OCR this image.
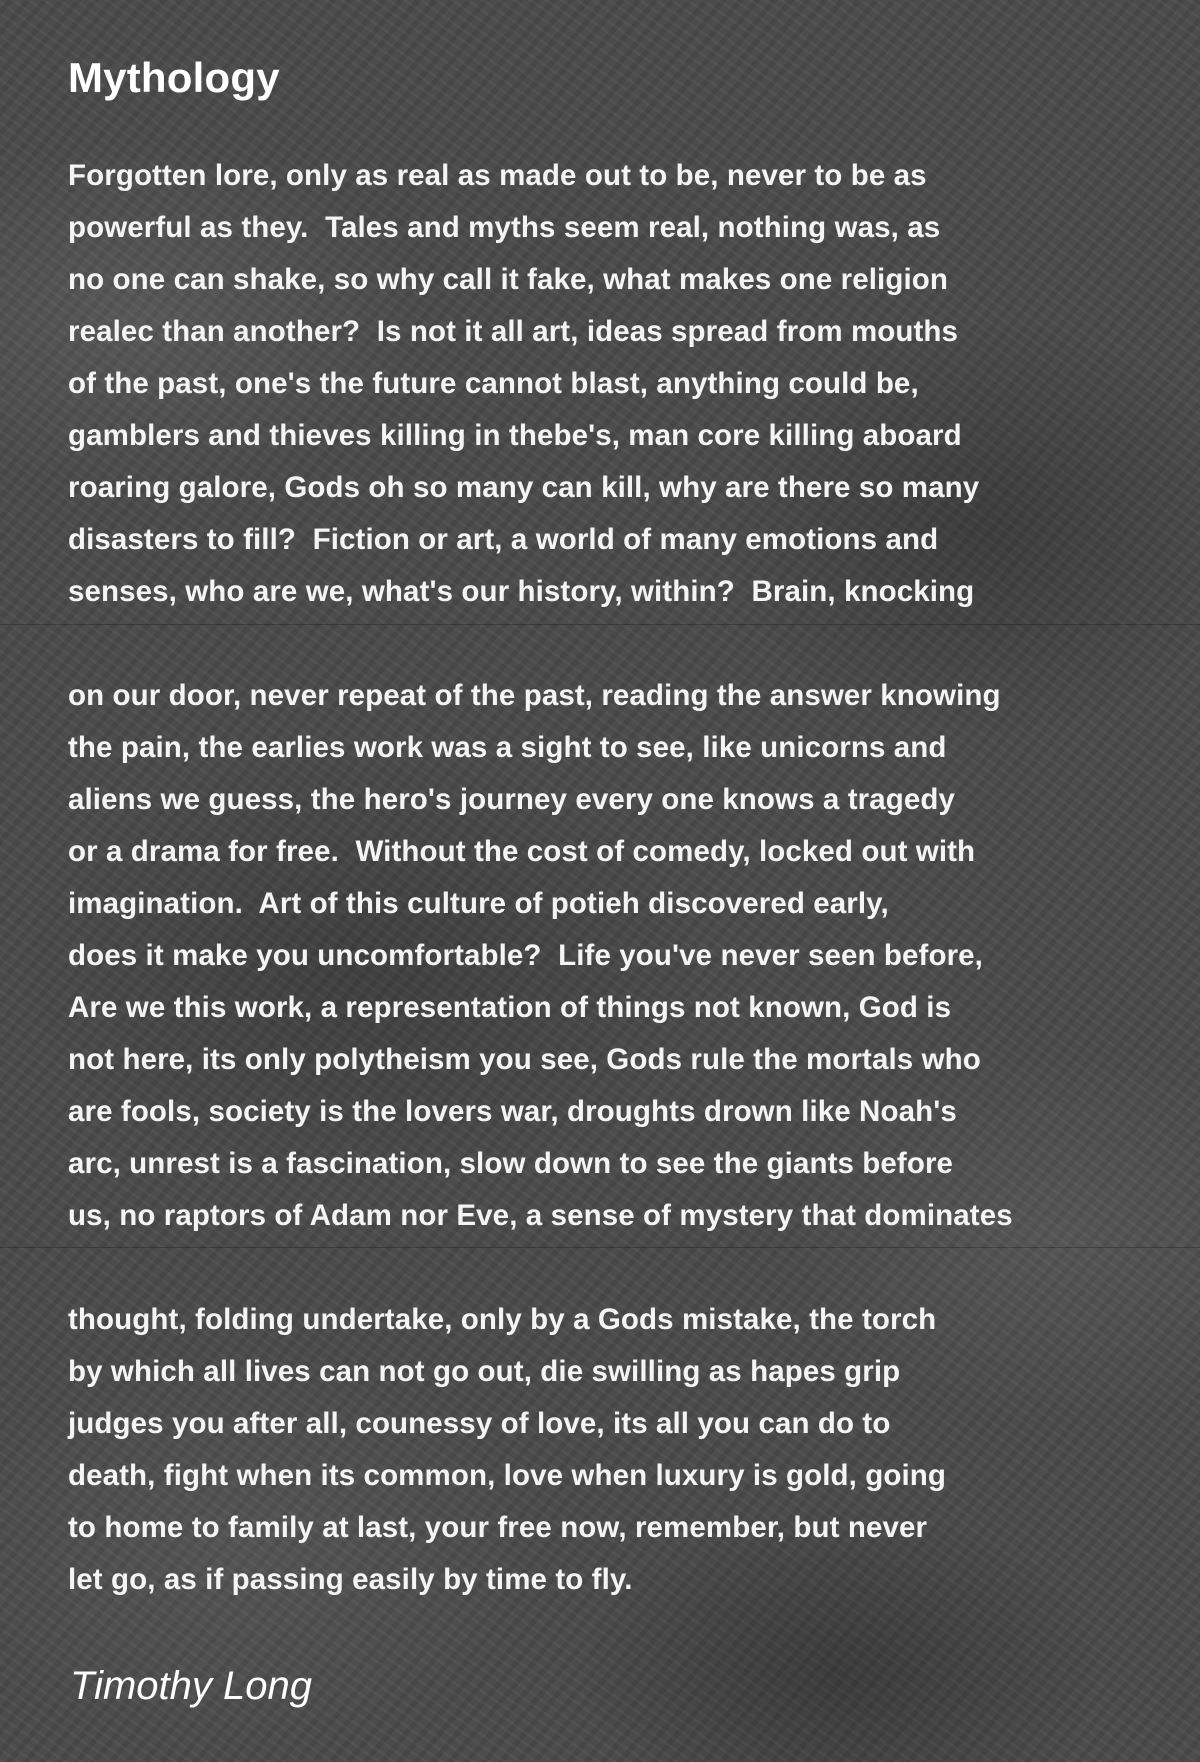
Mythology
Forgotten lore, only as real as made out to be, never to be as
powerful as they.  Tales and myths seem real, nothing was, as
no one can shake, so why call it fake, what makes one religion
realec than another?  Is not it all art, ideas spread from mouths
of the past, one's the future cannot blast, anything could be,
gamblers and thieves killing in thebe's, man core killing aboard
roaring galore, Gods oh so many can kill, why are there so many
disasters to fill?  Fiction or art, a world of many emotions and
senses, who are we, what's our history, within?  Brain, knocking
on our door, never repeat of the past, reading the answer knowing
the pain, the earlies work was a sight to see, like unicorns and
aliens we guess, the hero's journey every one knows a tragedy
or a drama for free.  Without the cost of comedy, locked out with
imagination.  Art of this culture of potieh discovered early,
does it make you uncomfortable?  Life you've never seen before,
Are we this work, a representation of things not known, God is
not here, its only polytheism you see, Gods rule the mortals who
are fools, society is the lovers war, droughts drown like Noah's
arc, unrest is a fascination, slow down to see the giants before
us, no raptors of Adam nor Eve, a sense of mystery that dominates
thought, folding undertake, only by a Gods mistake, the torch
by which all lives can not go out, die swilling as hapes grip
judges you after all, counessy of love, its all you can do to
death, fight when its common, love when luxury is gold, going
to home to family at last, your free now, remember, but never
let go, as if passing easily by time to fly.
Timothy Long
